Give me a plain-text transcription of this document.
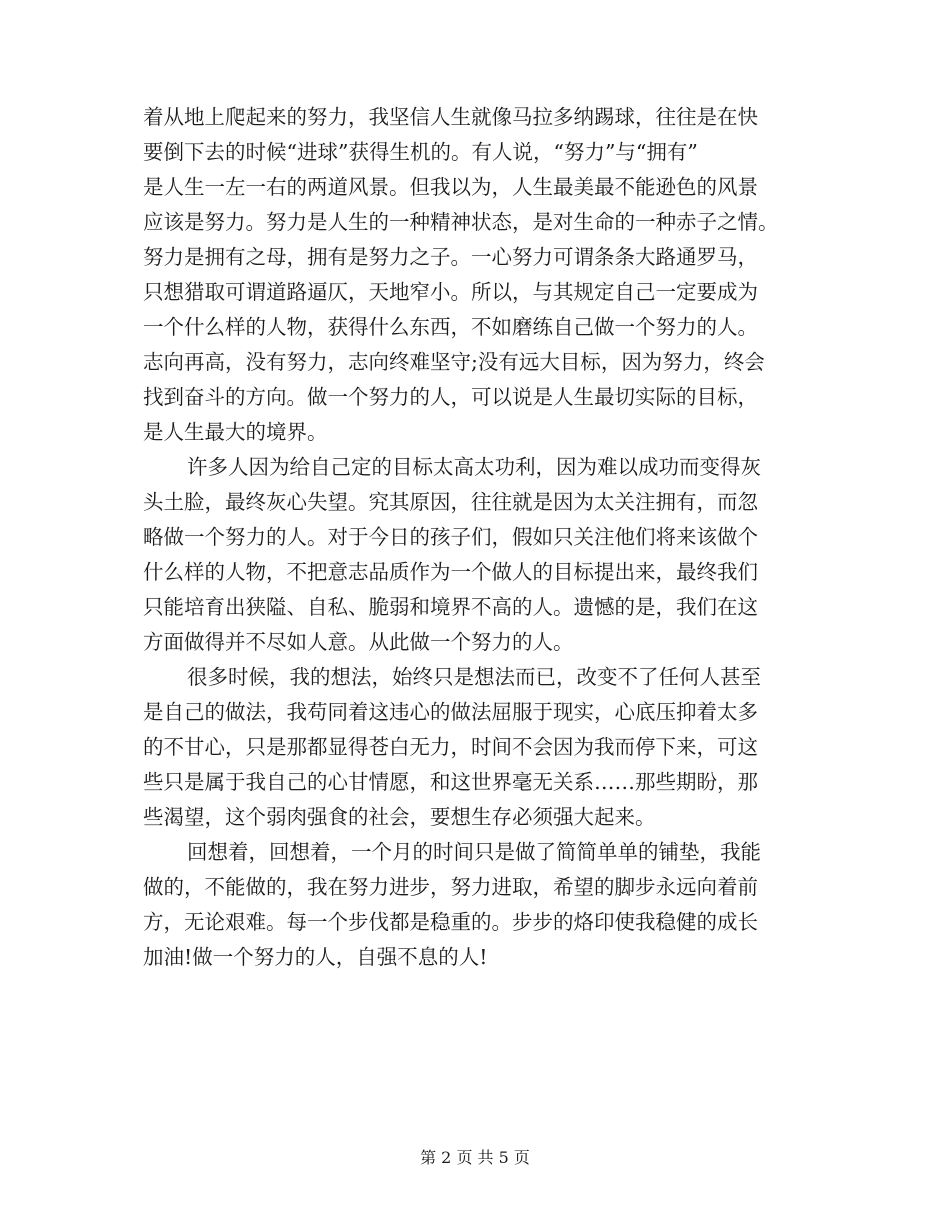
着从地上爬起来的努力，我坚信人生就像马拉多纳踢球，往往是在快
要倒下去的时候“进球”获得生机的。有人说，“努力”与“拥有”
是人生一左一右的两道风景。但我以为，人生最美最不能逊色的风景
应该是努力。努力是人生的一种精神状态，是对生命的一种赤子之情。
努力是拥有之母，拥有是努力之子。一心努力可谓条条大路通罗马，
只想猎取可谓道路逼仄，天地窄小。所以，与其规定自己一定要成为
一个什么样的人物，获得什么东西，不如磨练自己做一个努力的人。
志向再高，没有努力，志向终难坚守;没有远大目标，因为努力，终会
找到奋斗的方向。做一个努力的人，可以说是人生最切实际的目标，
是人生最大的境界。
许多人因为给自己定的目标太高太功利，因为难以成功而变得灰
头土脸，最终灰心失望。究其原因，往往就是因为太关注拥有，而忽
略做一个努力的人。对于今日的孩子们，假如只关注他们将来该做个
什么样的人物，不把意志品质作为一个做人的目标提出来，最终我们
只能培育出狭隘、自私、脆弱和境界不高的人。遗憾的是，我们在这
方面做得并不尽如人意。从此做一个努力的人。
很多时候，我的想法，始终只是想法而已，改变不了任何人甚至
是自己的做法，我苟同着这违心的做法屈服于现实，心底压抑着太多
的不甘心，只是那都显得苍白无力，时间不会因为我而停下来，可这
些只是属于我自己的心甘情愿，和这世界毫无关系……那些期盼，那
些渴望，这个弱肉强食的社会，要想生存必须强大起来。
回想着，回想着，一个月的时间只是做了简简单单的铺垫，我能
做的，不能做的，我在努力进步，努力进取，希望的脚步永远向着前
方，无论艰难。每一个步伐都是稳重的。步步的烙印使我稳健的成长
加油!做一个努力的人，自强不息的人!
第 2 页 共 5 页
